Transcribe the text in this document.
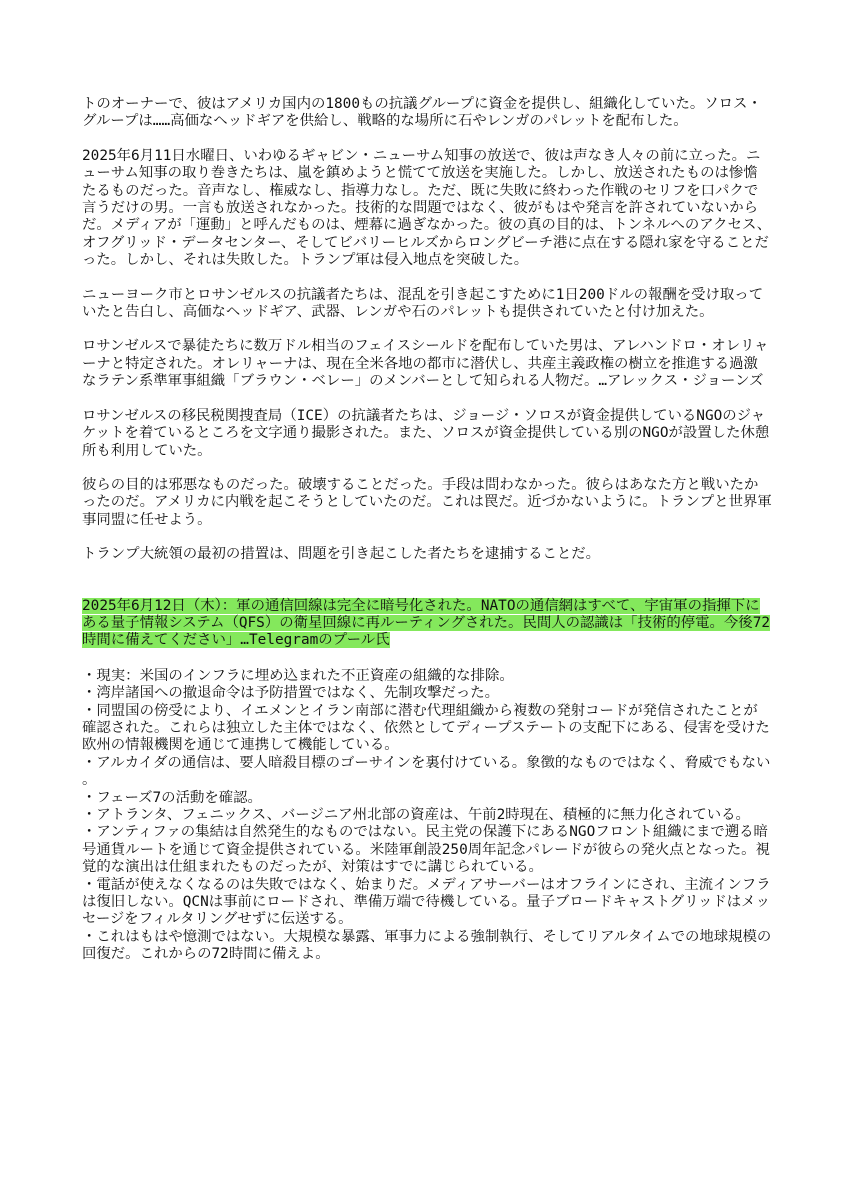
トのオーナーで、彼はアメリカ国内の1800もの抗議グループに資金を提供し、組織化していた。ソロス・グループは……高価なヘッドギアを供給し、戦略的な場所に石やレンガのパレットを配布した。

2025年6月11日水曜日、いわゆるギャビン・ニューサム知事の放送で、彼は声なき人々の前に立った。ニューサム知事の取り巻きたちは、嵐を鎮めようと慌てて放送を実施した。しかし、放送されたものは惨憺たるものだった。音声なし、権威なし、指導力なし。ただ、既に失敗に終わった作戦のセリフを口パクで言うだけの男。一言も放送されなかった。技術的な問題ではなく、彼がもはや発言を許されていないからだ。メディアが「運動」と呼んだものは、煙幕に過ぎなかった。彼の真の目的は、トンネルへのアクセス、オフグリッド・データセンター、そしてビバリーヒルズからロングビーチ港に点在する隠れ家を守ることだった。しかし、それは失敗した。トランプ軍は侵入地点を突破した。

ニューヨーク市とロサンゼルスの抗議者たちは、混乱を引き起こすために1日200ドルの報酬を受け取っていたと告白し、高価なヘッドギア、武器、レンガや石のパレットも提供されていたと付け加えた。

ロサンゼルスで暴徒たちに数万ドル相当のフェイスシールドを配布していた男は、アレハンドロ・オレリャーナと特定された。オレリャーナは、現在全米各地の都市に潜伏し、共産主義政権の樹立を推進する過激なラテン系準軍事組織「ブラウン・ベレー」のメンバーとして知られる人物だ。…アレックス・ジョーンズ

ロサンゼルスの移民税関捜査局（ICE）の抗議者たちは、ジョージ・ソロスが資金提供しているNGOのジャケットを着ているところを文字通り撮影された。また、ソロスが資金提供している別のNGOが設置した休憩所も利用していた。

彼らの目的は邪悪なものだった。破壊することだった。手段は問わなかった。彼らはあなた方と戦いたかったのだ。アメリカに内戦を起こそうとしていたのだ。これは罠だ。近づかないように。トランプと世界軍事同盟に任せよう。

トランプ大統領の最初の措置は、問題を引き起こした者たちを逮捕することだ。

2025年6月12日（木）：軍の通信回線は完全に暗号化された。NATOの通信網はすべて、宇宙軍の指揮下にある量子情報システム（QFS）の衛星回線に再ルーティングされた。民間人の認識は「技術的停電。今後72時間に備えてください」…Telegramのプール氏

・現実：米国のインフラに埋め込まれた不正資産の組織的な排除。
・湾岸諸国への撤退命令は予防措置ではなく、先制攻撃だった。
・同盟国の傍受により、イエメンとイラン南部に潜む代理組織から複数の発射コードが発信されたことが確認された。これらは独立した主体ではなく、依然としてディープステートの支配下にある、侵害を受けた欧州の情報機関を通じて連携して機能している。
・アルカイダの通信は、要人暗殺目標のゴーサインを裏付けている。象徴的なものではなく、脅威でもない。
・フェーズ7の活動を確認。
・アトランタ、フェニックス、バージニア州北部の資産は、午前2時現在、積極的に無力化されている。
・アンティファの集結は自然発生的なものではない。民主党の保護下にあるNGOフロント組織にまで遡る暗号通貨ルートを通じて資金提供されている。米陸軍創設250周年記念パレードが彼らの発火点となった。視覚的な演出は仕組まれたものだったが、対策はすでに講じられている。
・電話が使えなくなるのは失敗ではなく、始まりだ。メディアサーバーはオフラインにされ、主流インフラは復旧しない。QCNは事前にロードされ、準備万端で待機している。量子ブロードキャストグリッドはメッセージをフィルタリングせずに伝送する。
・これはもはや憶測ではない。大規模な暴露、軍事力による強制執行、そしてリアルタイムでの地球規模の回復だ。これからの72時間に備えよ。
